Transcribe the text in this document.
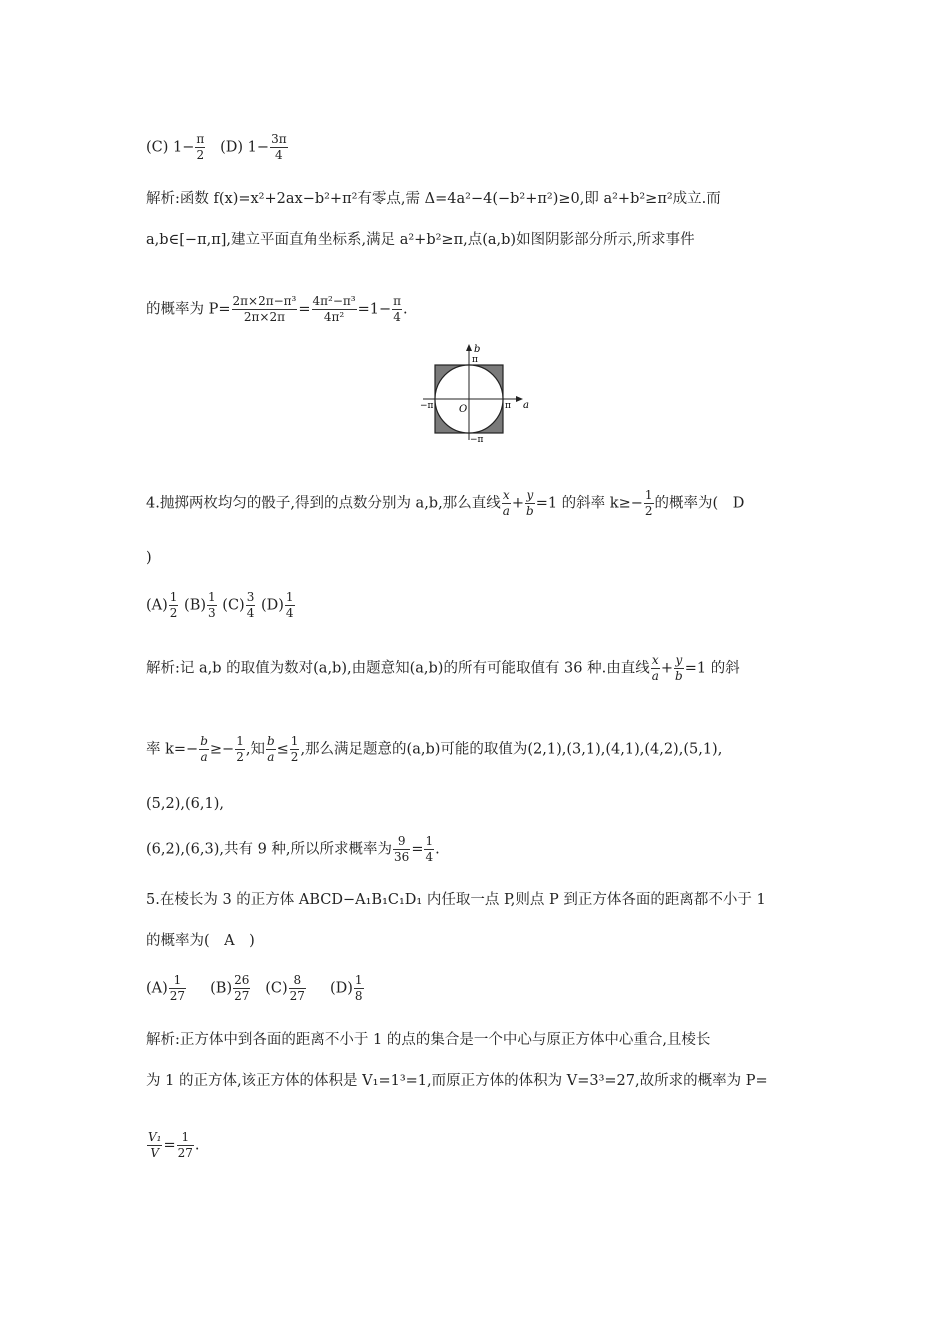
(C) $1- \frac{\pi}{2} (D)$ $1- \frac{3\pi}{4}$
解析:函数 f(x)=x²+2ax−b²+π²有零点,需 Δ=4a²−4(−b²+π²)≥0,即 a²+b²≥π²成立.而
a,b∈[−π,π],建立平面直角坐标系,满足 a²+b²≥π,点(a,b)如图阴影部分所示,所求事件
的概率为 $P= \frac{\text{2π×2π−π³}}{2\pi\times 2\pi} = \frac{\text{4π²−π³}}{\text{4π²}} =1- \frac{\pi}{4}$ .
b
π
a
π
−π	O
−π
4.抛掷两枚均匀的骰子,得到的点数分别为 a,b,那么直线 $\frac{x}{a} + \frac{y}{b} =1$ 的斜率 $k\ge- \frac{1}{2}$ 的概率为(　D
)
$(A) \frac{1}{2} (B) \frac{1}{3} (C) \frac{3}{4} (D) \frac{1}{4}$
解析:记 a,b 的取值为数对(a,b),由题意知(a,b)的所有可能取值有 36 种.由直线 $\frac{x}{a} + \frac{y}{b} =1$ 的斜
率 $k=- \frac{b}{a} \ge- \frac{1}{2}$ ,知 $\frac{b}{a} \le \frac{1}{2}$ ,那么满足题意的(a,b)可能的取值为(2,1),(3,1),(4,1),(4,2),(5,1),
(5,2),(6,1),
(6,2),(6,3),共有 9 种,所以所求概率为 $\frac{9}{36} = \frac{1}{4}$ .
5.在棱长为 3 的正方体 ABCD−A₁B₁C₁D₁ 内任取一点 P,则点 P 到正方体各面的距离都不小于 1
的概率为(　A　)
$(A) \frac{1}{27} (B) \frac{26}{27} (C) \frac{8}{27} (D) \frac{1}{8}$
解析:正方体中到各面的距离不小于 1 的点的集合是一个中心与原正方体中心重合,且棱长
为 1 的正方体,该正方体的体积是 V₁=1³=1,而原正方体的体积为 V=3³=27,故所求的概率为 P=
$\frac{\text{V₁}}{V} = \frac{1}{27}$ .
